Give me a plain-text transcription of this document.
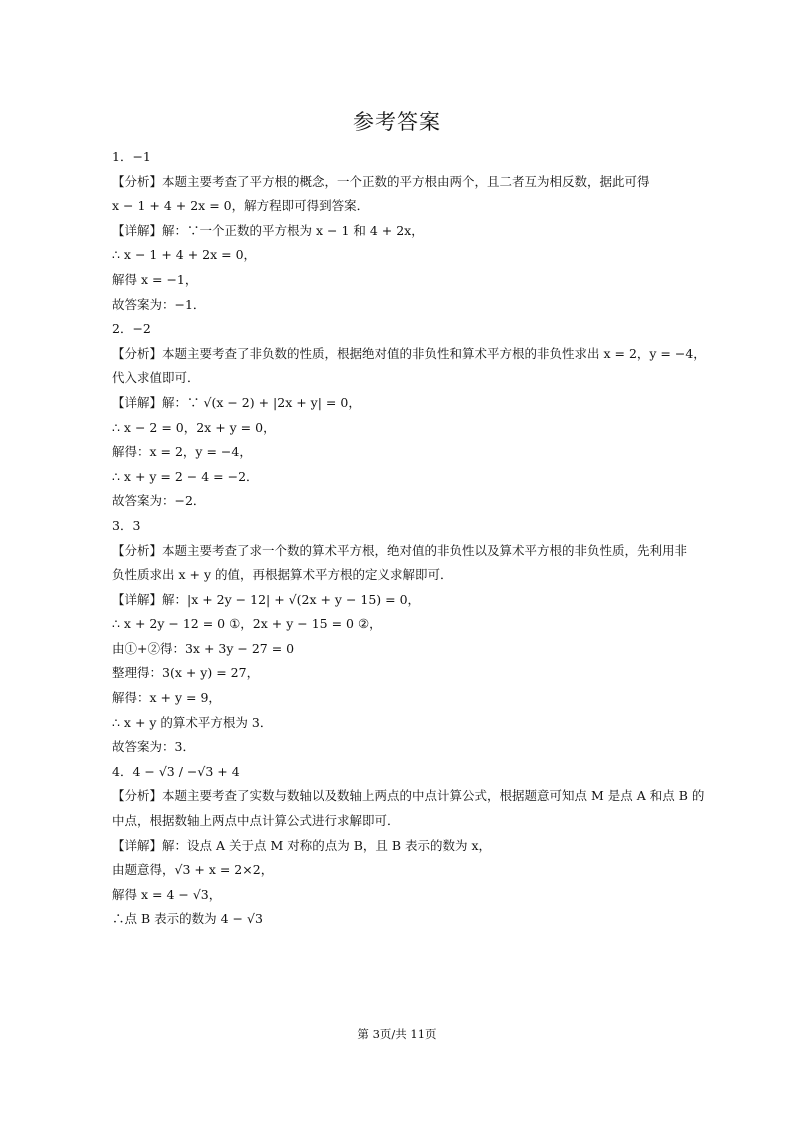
参考答案
1．−1
【分析】本题主要考查了平方根的概念，一个正数的平方根由两个，且二者互为相反数，据此可得
x − 1 + 4 + 2x = 0，解方程即可得到答案．
【详解】解：∵一个正数的平方根为 x − 1 和 4 + 2x，
∴ x − 1 + 4 + 2x = 0，
解得 x = −1，
故答案为：−1．
2．−2
【分析】本题主要考查了非负数的性质，根据绝对值的非负性和算术平方根的非负性求出 x = 2，y = −4，
代入求值即可．
【详解】解：∵ √(x − 2) + |2x + y| = 0，
∴ x − 2 = 0，2x + y = 0，
解得：x = 2，y = −4，
∴ x + y = 2 − 4 = −2．
故答案为：−2．
3．3
【分析】本题主要考查了求一个数的算术平方根，绝对值的非负性以及算术平方根的非负性质，先利用非
负性质求出 x + y 的值，再根据算术平方根的定义求解即可．
【详解】解：|x + 2y − 12| + √(2x + y − 15) = 0，
∴ x + 2y − 12 = 0 ①，2x + y − 15 = 0 ②，
由①+②得：3x + 3y − 27 = 0
整理得：3(x + y) = 27，
解得：x + y = 9，
∴ x + y 的算术平方根为 3．
故答案为：3．
4．4 − √3 / −√3 + 4
【分析】本题主要考查了实数与数轴以及数轴上两点的中点计算公式，根据题意可知点 M 是点 A 和点 B 的
中点，根据数轴上两点中点计算公式进行求解即可．
【详解】解：设点 A 关于点 M 对称的点为 B，且 B 表示的数为 x，
由题意得，√3 + x = 2×2，
解得 x = 4 − √3，
∴点 B 表示的数为 4 − √3
第 3页/共 11页
